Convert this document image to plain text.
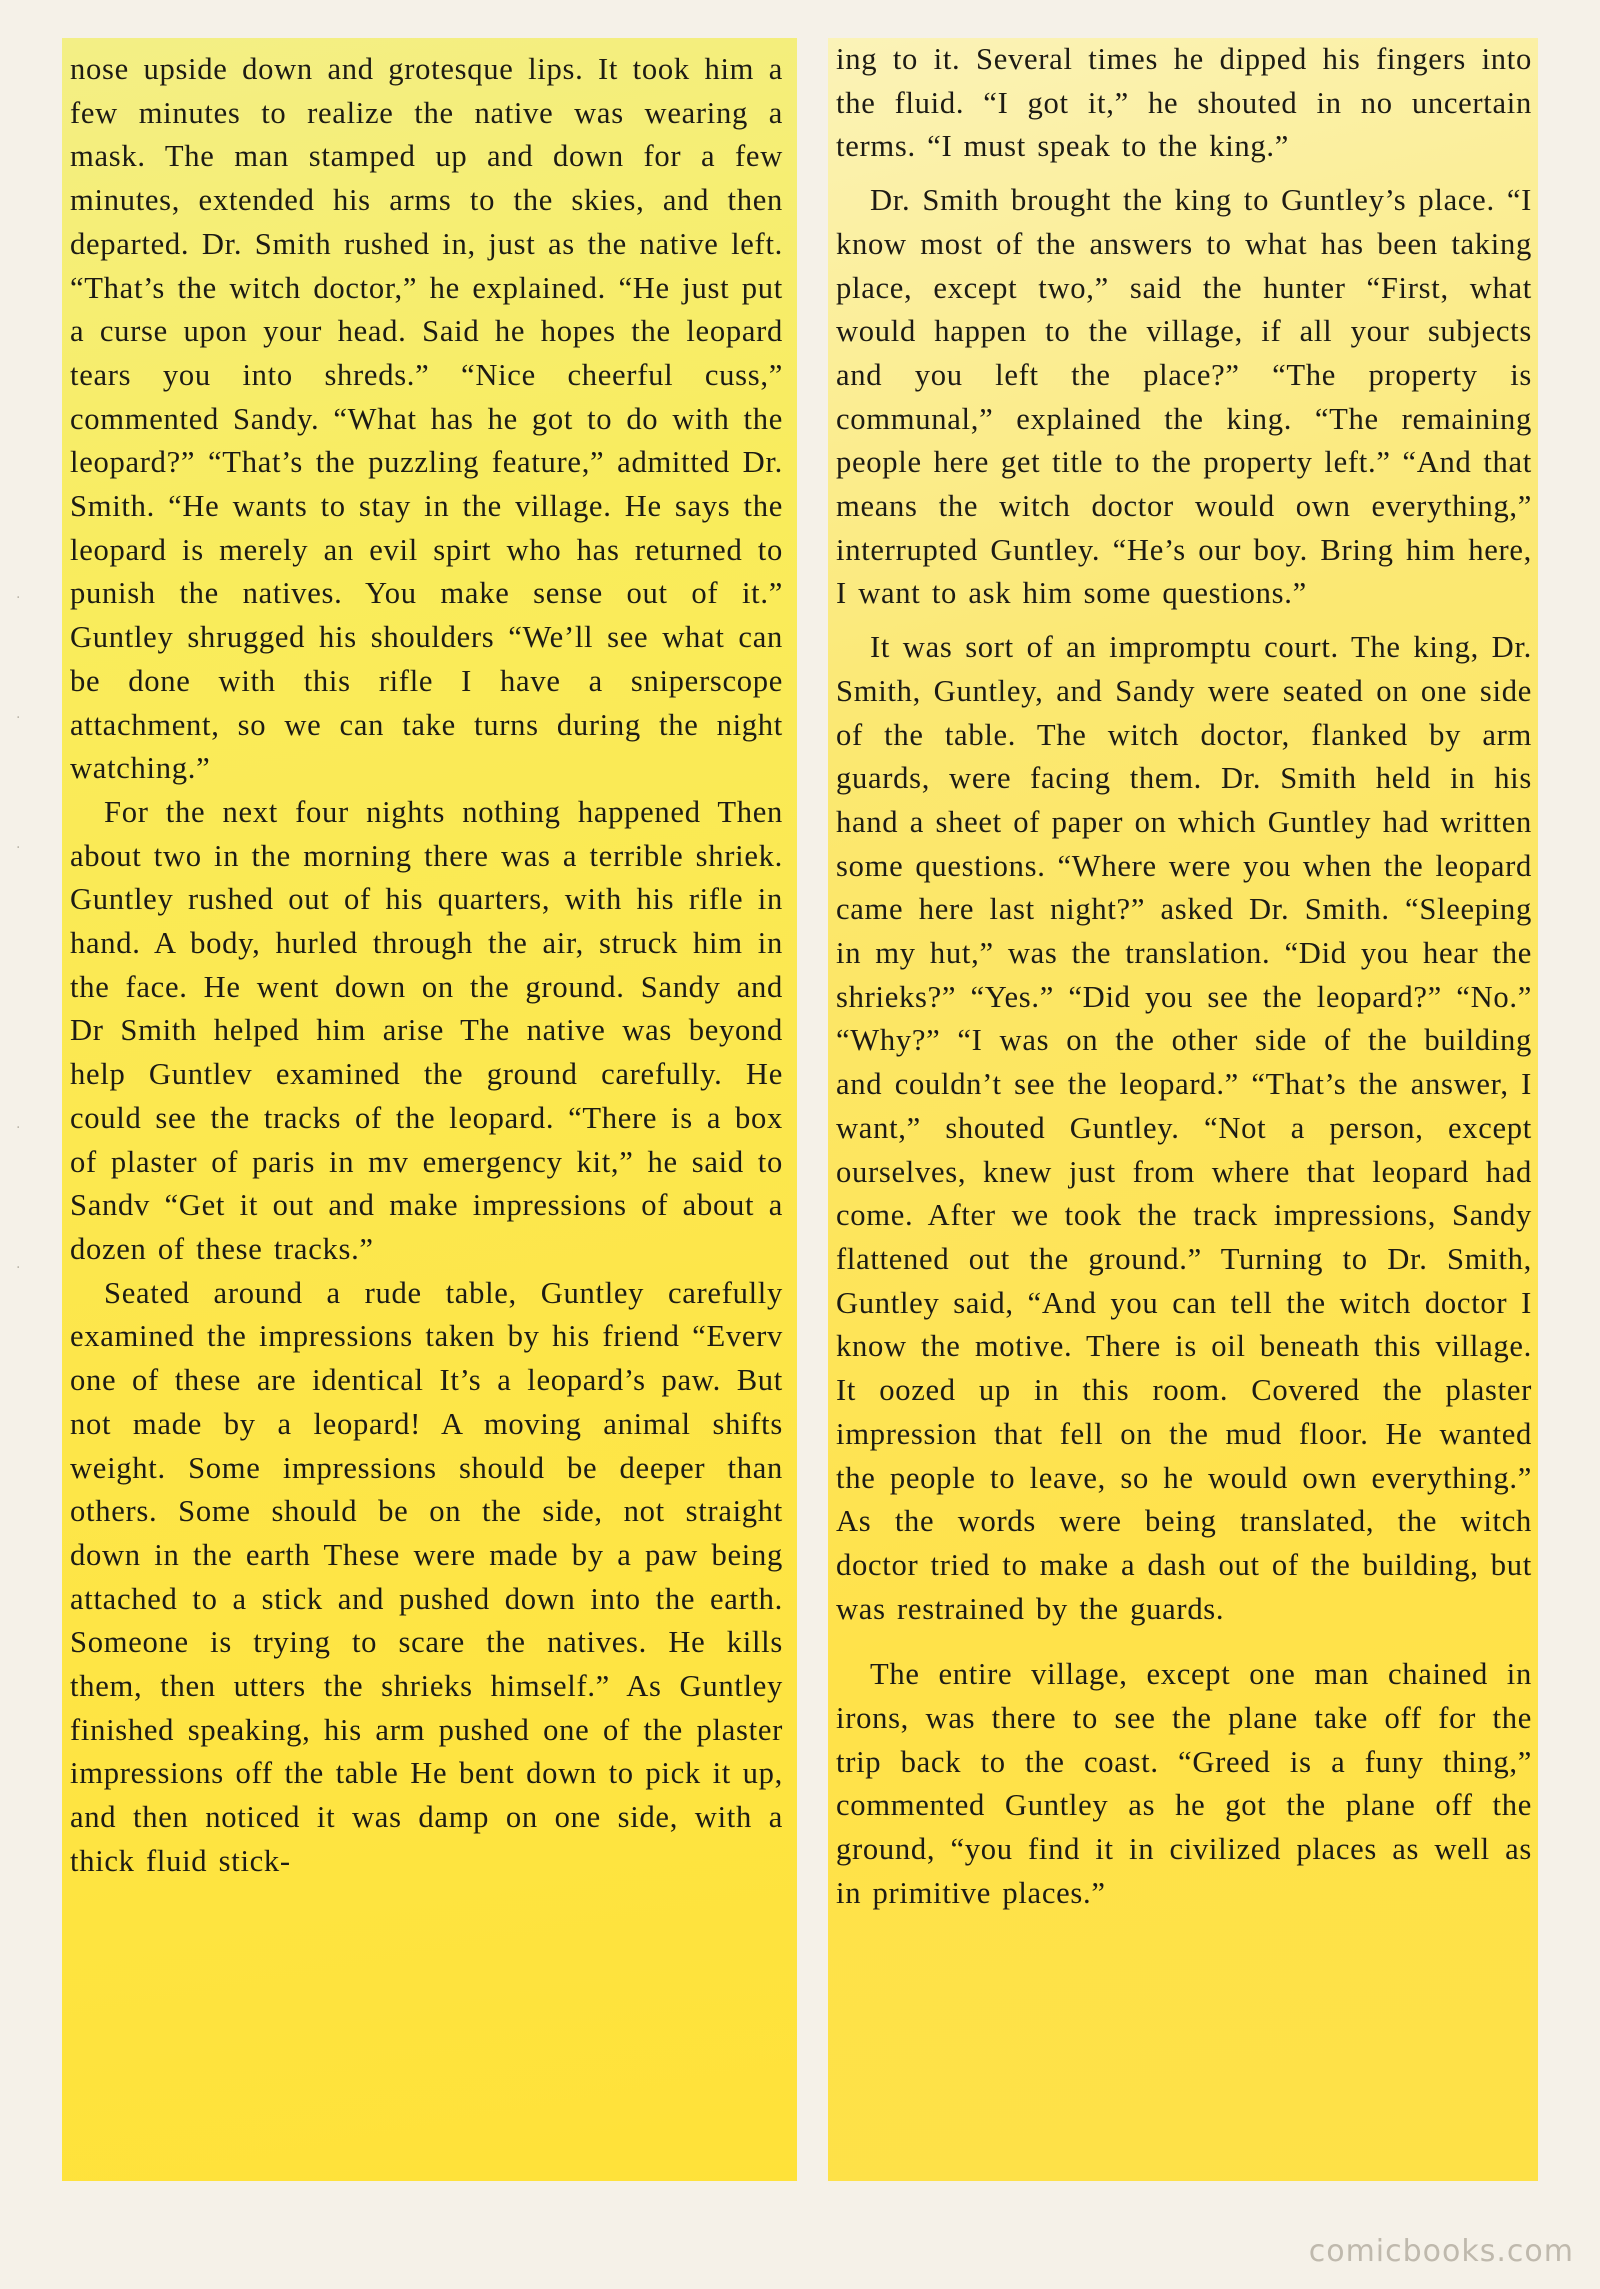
⋅
⋅
·
⋅
·

nose upside down and grotesque lips. It took him a few minutes to realize the native was wearing a mask. The man stamped up and down for a few minutes, extended his arms to the skies, and then departed. Dr. Smith rushed in, just as the native left. “That’s the witch doctor,” he explained. “He just put a curse upon your head. Said he hopes the leopard tears you into shreds.” “Nice cheerful cuss,” commented Sandy. “What has he got to do with the leopard?” “That’s the puzzling feature,” admitted Dr. Smith. “He wants to stay in the village. He says the leopard is merely an evil spirt who has returned to punish the natives. You make sense out of it.” Guntley shrugged his shoulders “We’ll see what can be done with this rifle I have a sniperscope attachment, so we can take turns during the night watching.”

For the next four nights nothing happened Then about two in the morning there was a terrible shriek. Guntley rushed out of his quarters, with his rifle in hand. A body, hurled through the air, struck him in the face. He went down on the ground. Sandy and Dr Smith helped him arise The native was beyond help Guntlev examined the ground carefully. He could see the tracks of the leopard. “There is a box of plaster of paris in mv emergency kit,” he said to Sandv “Get it out and make impressions of about a dozen of these tracks.”

Seated around a rude table, Guntley carefully examined the impressions taken by his friend “Everv one of these are identical It’s a leopard’s paw. But not made by a leopard! A moving animal shifts weight. Some impressions should be deeper than others. Some should be on the side, not straight down in the earth These were made by a paw being attached to a stick and pushed down into the earth. Someone is trying to scare the natives. He kills them, then utters the shrieks himself.” As Guntley finished speaking, his arm pushed one of the plaster impressions off the table He bent down to pick it up, and then noticed it was damp on one side, with a thick fluid stick-

ing to it. Several times he dipped his fingers into the fluid. “I got it,” he shouted in no uncertain terms. “I must speak to the king.”

Dr. Smith brought the king to Guntley’s place. “I know most of the answers to what has been taking place, except two,” said the hunter “First, what would happen to the village, if all your subjects and you left the place?” “The property is communal,” explained the king. “The remaining people here get title to the property left.” “And that means the witch doctor would own everything,” interrupted Guntley. “He’s our boy. Bring him here, I want to ask him some questions.”

It was sort of an impromptu court. The king, Dr. Smith, Guntley, and Sandy were seated on one side of the table. The witch doctor, flanked by arm guards, were facing them. Dr. Smith held in his hand a sheet of paper on which Guntley had written some questions. “Where were you when the leopard came here last night?” asked Dr. Smith. “Sleeping in my hut,” was the translation. “Did you hear the shrieks?” “Yes.” “Did you see the leopard?” “No.” “Why?” “I was on the other side of the building and couldn’t see the leopard.” “That’s the answer, I want,” shouted Guntley. “Not a person, except ourselves, knew just from where that leopard had come. After we took the track impressions, Sandy flattened out the ground.” Turning to Dr. Smith, Guntley said, “And you can tell the witch doctor I know the motive. There is oil beneath this village. It oozed up in this room. Covered the plaster impression that fell on the mud floor. He wanted the people to leave, so he would own everything.” As the words were being translated, the witch doctor tried to make a dash out of the building, but was restrained by the guards.

The entire village, except one man chained in irons, was there to see the plane take off for the trip back to the coast. “Greed is a funy thing,” commented Guntley as he got the plane off the ground, “you find it in civilized places as well as in primitive places.”

comicbooks.com
